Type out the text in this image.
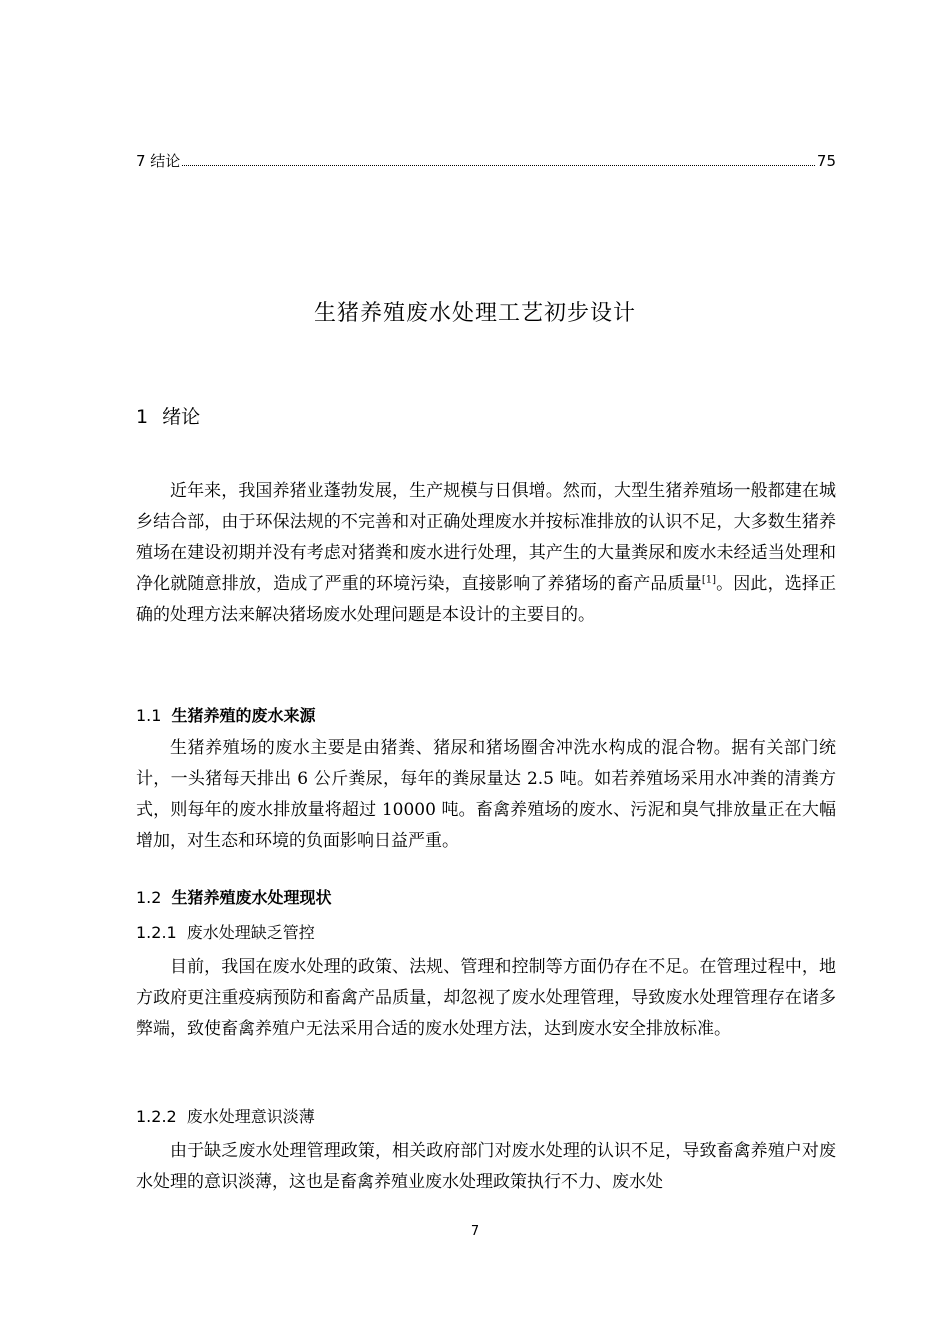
7 结论	75
生猪养殖废水处理工艺初步设计
1 绪论
近年来，我国养猪业蓬勃发展，生产规模与日俱增。然而，大型生猪养殖场一般都建在城乡结合部，由于环保法规的不完善和对正确处理废水并按标准排放的认识不足，大多数生猪养殖场在建设初期并没有考虑对猪粪和废水进行处理，其产生的大量粪尿和废水未经适当处理和净化就随意排放，造成了严重的环境污染，直接影响了养猪场的畜产品质量[1]。因此，选择正确的处理方法来解决猪场废水处理问题是本设计的主要目的。
1.1 生猪养殖的废水来源
生猪养殖场的废水主要是由猪粪、猪尿和猪场圈舍冲洗水构成的混合物。据有关部门统计，一头猪每天排出 6 公斤粪尿，每年的粪尿量达 2.5 吨。如若养殖场采用水冲粪的清粪方式，则每年的废水排放量将超过 10000 吨。畜禽养殖场的废水、污泥和臭气排放量正在大幅增加，对生态和环境的负面影响日益严重。
1.2 生猪养殖废水处理现状
1.2.1 废水处理缺乏管控
目前，我国在废水处理的政策、法规、管理和控制等方面仍存在不足。在管理过程中，地方政府更注重疫病预防和畜禽产品质量，却忽视了废水处理管理，导致废水处理管理存在诸多弊端，致使畜禽养殖户无法采用合适的废水处理方法，达到废水安全排放标准。
1.2.2 废水处理意识淡薄
由于缺乏废水处理管理政策，相关政府部门对废水处理的认识不足，导致畜禽养殖户对废水处理的意识淡薄，这也是畜禽养殖业废水处理政策执行不力、废水处
7
